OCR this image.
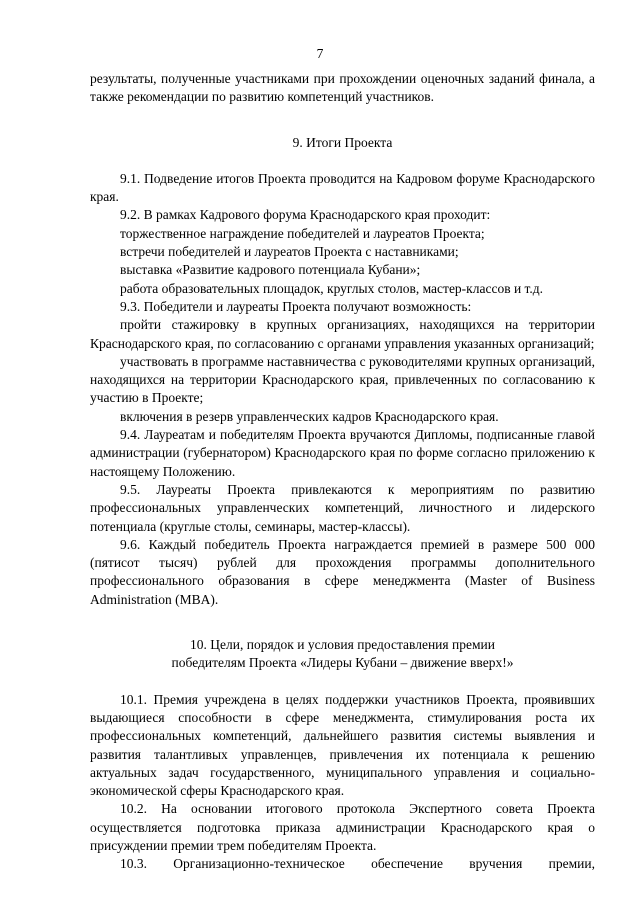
7

результаты, полученные участниками при прохождении оценочных заданий финала, а также рекомендации по развитию компетенций участников.

9. Итоги Проекта

9.1. Подведение итогов Проекта проводится на Кадровом форуме Краснодарского края.

9.2. В рамках Кадрового форума Краснодарского края проходит:

торжественное награждение победителей и лауреатов Проекта;

встречи победителей и лауреатов Проекта с наставниками;

выставка «Развитие кадрового потенциала Кубани»;

работа образовательных площадок, круглых столов, мастер-классов и т.д.

9.3. Победители и лауреаты Проекта получают возможность:

пройти стажировку в крупных организациях, находящихся на территории Краснодарского края, по согласованию с органами управления указанных организаций;

участвовать в программе наставничества с руководителями крупных организаций, находящихся на территории Краснодарского края, привлеченных по согласованию к участию в Проекте;

включения в резерв управленческих кадров Краснодарского края.

9.4. Лауреатам и победителям Проекта вручаются Дипломы, подписанные главой администрации (губернатором) Краснодарского края по форме согласно приложению к настоящему Положению.

9.5. Лауреаты Проекта привлекаются к мероприятиям по развитию профессиональных управленческих компетенций, личностного и лидерского потенциала (круглые столы, семинары, мастер-классы).

9.6. Каждый победитель Проекта награждается премией в размере 500 000 (пятисот тысяч) рублей для прохождения программы дополнительного профессионального образования в сфере менеджмента (Master of Business Administration (MBA).

10. Цели, порядок и условия предоставления премии

победителям Проекта «Лидеры Кубани – движение вверх!»

10.1. Премия учреждена в целях поддержки участников Проекта, проявивших выдающиеся способности в сфере менеджмента, стимулирования роста их профессиональных компетенций, дальнейшего развития системы выявления и развития талантливых управленцев, привлечения их потенциала к решению актуальных задач государственного, муниципального управления и социально-экономической сферы Краснодарского края.

10.2. На основании итогового протокола Экспертного совета Проекта осуществляется подготовка приказа администрации Краснодарского края о присуждении премии трем победителям Проекта.

10.3. Организационно-техническое обеспечение вручения премии,
